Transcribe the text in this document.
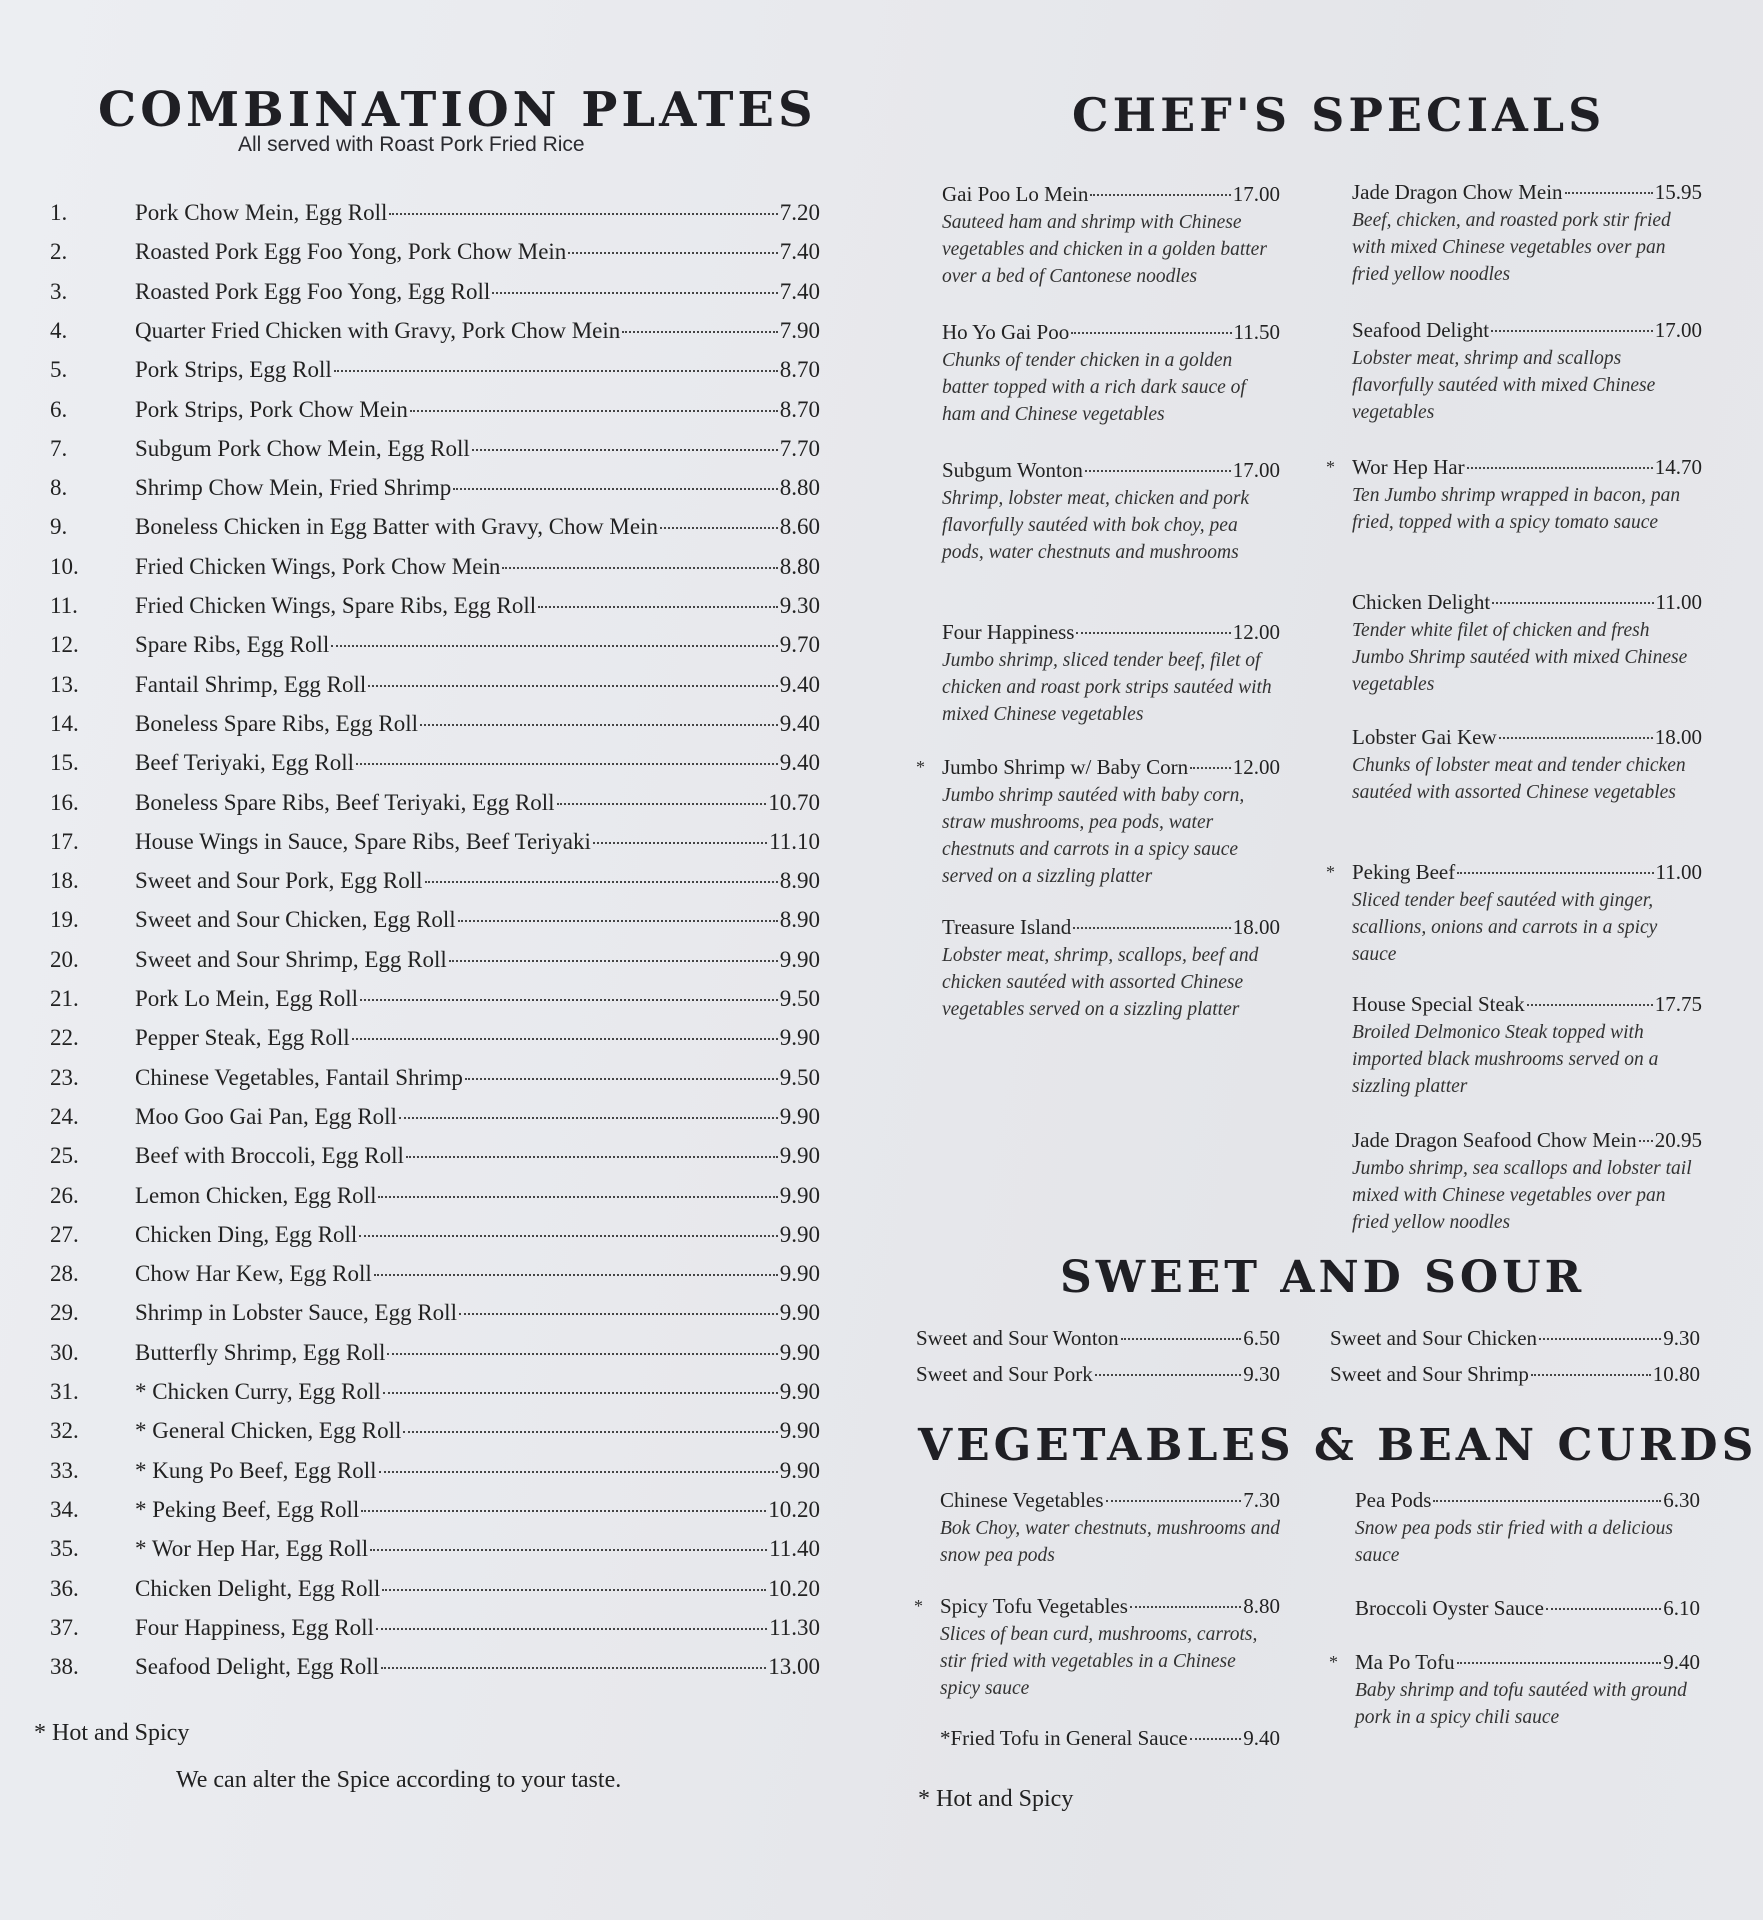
COMBINATION PLATES
All served with Roast Pork Fried Rice
1.	Pork Chow Mein, Egg Roll	7.20
2.	Roasted Pork Egg Foo Yong, Pork Chow Mein	7.40
3.	Roasted Pork Egg Foo Yong, Egg Roll	7.40
4.	Quarter Fried Chicken with Gravy, Pork Chow Mein	7.90
5.	Pork Strips, Egg Roll	8.70
6.	Pork Strips, Pork Chow Mein	8.70
7.	Subgum Pork Chow Mein, Egg Roll	7.70
8.	Shrimp Chow Mein, Fried Shrimp	8.80
9.	Boneless Chicken in Egg Batter with Gravy, Chow Mein	8.60
10.	Fried Chicken Wings, Pork Chow Mein	8.80
11.	Fried Chicken Wings, Spare Ribs, Egg Roll	9.30
12.	Spare Ribs, Egg Roll	9.70
13.	Fantail Shrimp, Egg Roll	9.40
14.	Boneless Spare Ribs, Egg Roll	9.40
15.	Beef Teriyaki, Egg Roll	9.40
16.	Boneless Spare Ribs, Beef Teriyaki, Egg Roll	10.70
17.	House Wings in Sauce, Spare Ribs, Beef Teriyaki	11.10
18.	Sweet and Sour Pork, Egg Roll	8.90
19.	Sweet and Sour Chicken, Egg Roll	8.90
20.	Sweet and Sour Shrimp, Egg Roll	9.90
21.	Pork Lo Mein, Egg Roll	9.50
22.	Pepper Steak, Egg Roll	9.90
23.	Chinese Vegetables, Fantail Shrimp	9.50
24.	Moo Goo Gai Pan, Egg Roll	9.90
25.	Beef with Broccoli, Egg Roll	9.90
26.	Lemon Chicken, Egg Roll	9.90
27.	Chicken Ding, Egg Roll	9.90
28.	Chow Har Kew, Egg Roll	9.90
29.	Shrimp in Lobster Sauce, Egg Roll	9.90
30.	Butterfly Shrimp, Egg Roll	9.90
31.	* Chicken Curry, Egg Roll	9.90
32.	* General Chicken, Egg Roll	9.90
33.	* Kung Po Beef, Egg Roll	9.90
34.	* Peking Beef, Egg Roll	10.20
35.	* Wor Hep Har, Egg Roll	11.40
36.	Chicken Delight, Egg Roll	10.20
37.	Four Happiness, Egg Roll	11.30
38.	Seafood Delight, Egg Roll	13.00
* Hot and Spicy
We can alter the Spice according to your taste.
CHEF'S SPECIALS
Gai Poo Lo Mein	17.00
Sauteed ham and shrimp with Chinese vegetables and chicken in a golden batter over a bed of Cantonese noodles
Ho Yo Gai Poo	11.50
Chunks of tender chicken in a golden batter topped with a rich dark sauce of ham and Chinese vegetables
Subgum Wonton	17.00
Shrimp, lobster meat, chicken and pork flavorfully sautéed with bok choy, pea pods, water chestnuts and mushrooms
Four Happiness	12.00
Jumbo shrimp, sliced tender beef, filet of chicken and roast pork strips sautéed with mixed Chinese vegetables
* Jumbo Shrimp w/ Baby Corn 12.00
Jumbo shrimp sautéed with baby corn, straw mushrooms, pea pods, water chestnuts and carrots in a spicy sauce served on a sizzling platter
Treasure Island	18.00
Lobster meat, shrimp, scallops, beef and chicken sautéed with assorted Chinese vegetables served on a sizzling platter
Jade Dragon Chow Mein	15.95
Beef, chicken, and roasted pork stir fried with mixed Chinese vegetables over pan fried yellow noodles
Seafood Delight	17.00
Lobster meat, shrimp and scallops flavorfully sautéed with mixed Chinese vegetables
* Wor Hep Har	14.70
Ten Jumbo shrimp wrapped in bacon, pan fried, topped with a spicy tomato sauce
Chicken Delight	11.00
Tender white filet of chicken and fresh Jumbo Shrimp sautéed with mixed Chinese vegetables
Lobster Gai Kew	18.00
Chunks of lobster meat and tender chicken sautéed with assorted Chinese vegetables
* Peking Beef	11.00
Sliced tender beef sautéed with ginger, scallions, onions and carrots in a spicy sauce
House Special Steak	17.75
Broiled Delmonico Steak topped with imported black mushrooms served on a sizzling platter
Jade Dragon Seafood Chow Mein 20.95
Jumbo shrimp, sea scallops and lobster tail mixed with Chinese vegetables over pan fried yellow noodles
SWEET AND SOUR
Sweet and Sour Wonton	6.50 Sweet and Sour Chicken	9.30
Sweet and Sour Pork	9.30 Sweet and Sour Shrimp	10.80
VEGETABLES & BEAN CURDS
Chinese Vegetables	7.30
Bok Choy, water chestnuts, mushrooms and snow pea pods
* Spicy Tofu Vegetables	8.80
Slices of bean curd, mushrooms, carrots, stir fried with vegetables in a Chinese spicy sauce
*Fried Tofu in General Sauce	9.40
Pea Pods	6.30
Snow pea pods stir fried with a delicious sauce
Broccoli Oyster Sauce	6.10
* Ma Po Tofu	9.40
Baby shrimp and tofu sautéed with ground pork in a spicy chili sauce
* Hot and Spicy
